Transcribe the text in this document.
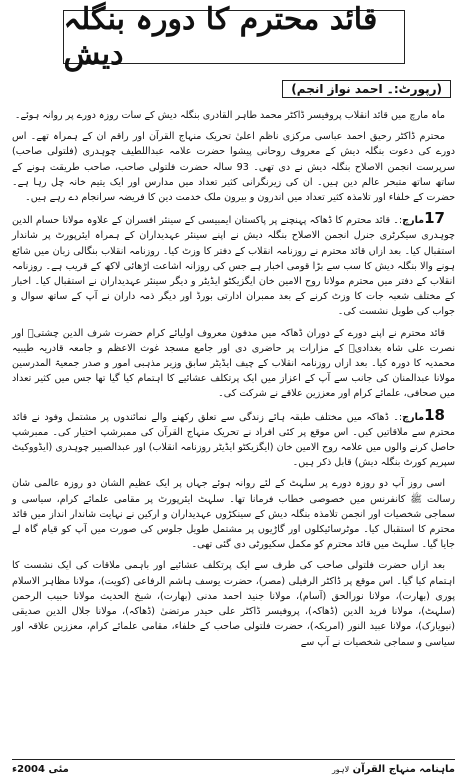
قائد محترم کا دورہ بنگلہ دیش
(رپورٹ:۔ احمد نواز انجم)

ماہ مارچ میں قائد انقلاب پروفیسر ڈاکٹر محمد طاہر القادری بنگلہ دیش کے سات روزہ دورے پر روانہ ہوئے۔

محترم ڈاکٹر رحیق احمد عباسی مرکزی ناظم اعلیٰ تحریک منہاج القرآن اور راقم ان کے ہمراہ تھے۔ اس دورے کی دعوت بنگلہ دیش کے معروف روحانی پیشوا حضرت علامہ عبداللطیف چوہدری (فلتولی صاحب) سرپرست انجمن الاصلاح بنگلہ دیش نے دی تھی۔ 93 سالہ حضرت فلتولی صاحب، صاحب طریقت ہونے کے ساتھ ساتھ متبحر عالم دین ہیں۔ ان کی زیرنگرانی کثیر تعداد میں مدارس اور ایک یتیم خانہ چل رہا ہے۔ حضرت کے خلفاء اور تلامذہ کثیر تعداد میں اندرون و بیرون ملک خدمت دین کا فریضہ سرانجام دے رہے ہیں۔

17مارچ:۔ قائد محترم کا ڈھاکہ پہنچنے پر پاکستان ایمبیسی کے سینئر افسران کے علاوہ مولانا حسام الدین چوہدری سیکرٹری جنرل انجمن الاصلاح بنگلہ دیش نے اپنے سینئر عہدیداران کے ہمراہ ایئرپورٹ پر شاندار استقبال کیا۔ بعد ازاں قائد محترم نے روزنامہ انقلاب کے دفتر کا وزٹ کیا۔ روزنامہ انقلاب بنگالی زبان میں شائع ہونے والا بنگلہ دیش کا سب سے بڑا قومی اخبار ہے جس کی روزانہ اشاعت اڑھائی لاکھ کے قریب ہے۔ روزنامہ انقلاب کے دفتر میں محترم مولانا روح الامین خان ایگزیکٹو ایڈیٹر و دیگر سینئر عہدیداران نے استقبال کیا۔ اخبار کے مختلف شعبہ جات کا وزٹ کرنے کے بعد ممبران ادارتی بورڈ اور دیگر ذمہ داران نے آپ کے ساتھ سوال و جواب کی طویل نشست کی۔

قائد محترم نے اپنے دورے کے دوران ڈھاکہ میں مدفون معروف اولیائے کرام حضرت شرف الدین چشتیؒ اور نصرت علی شاہ بغدادیؒ کے مزارات پر حاضری دی اور جامع مسجد غوث الاعظم و جامعہ قادریہ طیبیہ محمدیہ کا دورہ کیا۔ بعد ازاں روزنامہ انقلاب کے چیف ایڈیٹر سابق وزیر مذہبی امور و صدر جمعیۃ المدرسین مولانا عبدالمنان کی جانب سے آپ کے اعزاز میں ایک پرتکلف عشائیے کا اہتمام کیا گیا تھا جس میں کثیر تعداد میں صحافی، علمائے کرام اور معززین علاقے نے شرکت کی۔

18مارچ:۔ ڈھاکہ میں مختلف طبقہ ہائے زندگی سے تعلق رکھنے والے نمائندوں پر مشتمل وفود نے قائد محترم سے ملاقاتیں کیں۔ اس موقع پر کئی افراد نے تحریک منہاج القرآن کی ممبرشپ اختیار کی۔ ممبرشپ حاصل کرنے والوں میں علامہ روح الامین خان (ایگزیکٹو ایڈیٹر روزنامہ انقلاب) اور عبدالصبیر چوہدری (ایڈووکیٹ سپریم کورٹ بنگلہ دیش) قابل ذکر ہیں۔

اسی روز آپ دو روزہ دورے پر سلہٹ کے لئے روانہ ہوئے جہاں پر ایک عظیم الشان دو روزہ عالمی شان رسالت ﷺ کانفرنس میں خصوصی خطاب فرمانا تھا۔ سلہٹ ایئرپورٹ پر مقامی علمائے کرام، سیاسی و سماجی شخصیات اور انجمن تلامذہ بنگلہ دیش کے سینکڑوں عہدیداران و ارکین نے نہایت شاندار انداز میں قائد محترم کا استقبال کیا۔ موٹرسائیکلوں اور گاڑیوں پر مشتمل طویل جلوس کی صورت میں آپ کو قیام گاہ لے جایا گیا۔ سلہٹ میں قائد محترم کو مکمل سکیورٹی دی گئی تھی۔

بعد ازاں حضرت فلتولی صاحب کی طرف سے ایک پرتکلف عشائیے اور باہمی ملاقات کی ایک نشست کا اہتمام کیا گیا۔ اس موقع پر ڈاکٹر الرفیلی (مصر)، حضرت یوسف ہاشم الرفاعی (کویت)، مولانا مظاہر الاسلام پوری (بھارت)، مولانا نورالحق (آسام)، مولانا جنید احمد مدنی (بھارت)، شیخ الحدیث مولانا حبیب الرحمن (سلہٹ)، مولانا فرید الدین (ڈھاکہ)، پروفیسر ڈاکٹر علی حیدر مرتضیٰ (ڈھاکہ)، مولانا جلال الدین صدیقی (نیویارک)، مولانا عبید النور (امریکہ)، حضرت فلتولی صاحب کے خلفاء، مقامی علمائے کرام، معززین علاقہ اور سیاسی و سماجی شخصیات نے آپ سے

مئی 2004ء	ماہنامہ منہاج القرآن لاہور
